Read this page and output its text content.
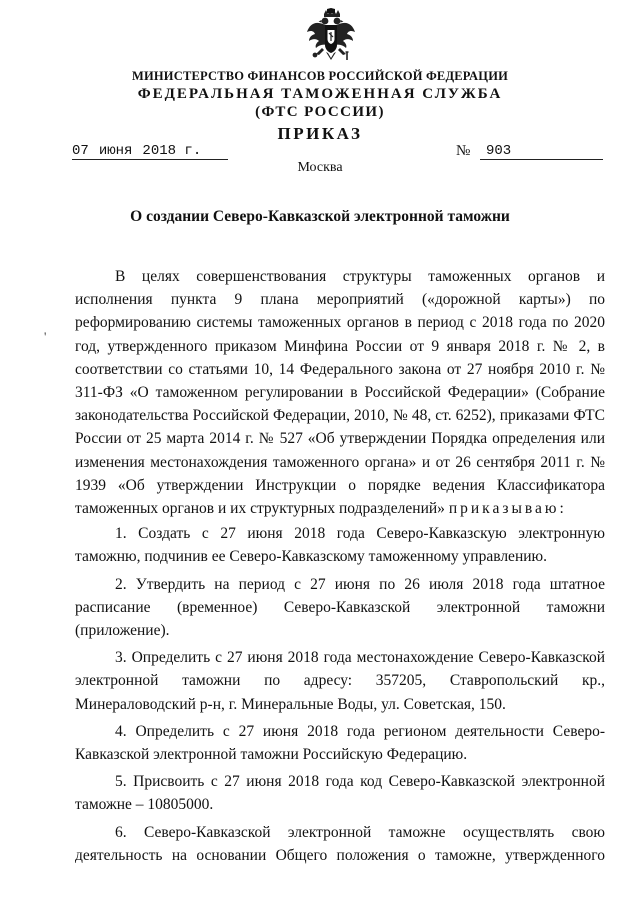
МИНИСТЕРСТВО ФИНАНСОВ РОССИЙСКОЙ ФЕДЕРАЦИИ
ФЕДЕРАЛЬНАЯ ТАМОЖЕННАЯ СЛУЖБА
(ФТС РОССИИ)
ПРИКАЗ
07 июня 2018 г.
Москва
№	903
О создании Северо-Кавказской электронной таможни
'

В целях совершенствования структуры таможенных органов и исполнения пункта 9 плана мероприятий («дорожной карты») по реформированию системы таможенных органов в период с 2018 года по 2020 год, утвержденного приказом Минфина России от 9 января 2018 г. № 2, в соответствии со статьями 10, 14 Федерального закона от 27 ноября 2010 г. № 311-ФЗ «О таможенном регулировании в Российской Федерации» (Собрание законодательства Российской Федерации, 2010, № 48, ст. 6252), приказами ФТС России от 25 марта 2014 г. № 527 «Об утверждении Порядка определения или изменения местонахождения таможенного органа» и от 26 сентября 2011 г. № 1939 «Об утверждении Инструкции о порядке ведения Классификатора таможенных органов и их структурных подразделений» приказываю:

1. Создать с 27 июня 2018 года Северо-Кавказскую электронную таможню, подчинив ее Северо-Кавказскому таможенному управлению.

2. Утвердить на период с 27 июня по 26 июля 2018 года штатное расписание (временное) Северо-Кавказской электронной таможни (приложение).

3. Определить с 27 июня 2018 года местонахождение Северо-Кавказской электронной таможни по адресу: 357205, Ставропольский кр., Минераловодский р-н, г. Минеральные Воды, ул. Советская, 150.

4. Определить с 27 июня 2018 года регионом деятельности Северо-Кавказской электронной таможни Российскую Федерацию.

5. Присвоить с 27 июня 2018 года код Северо-Кавказской электронной таможне – 10805000.

6. Северо-Кавказской электронной таможне осуществлять свою деятельность на основании Общего положения о таможне, утвержденного
